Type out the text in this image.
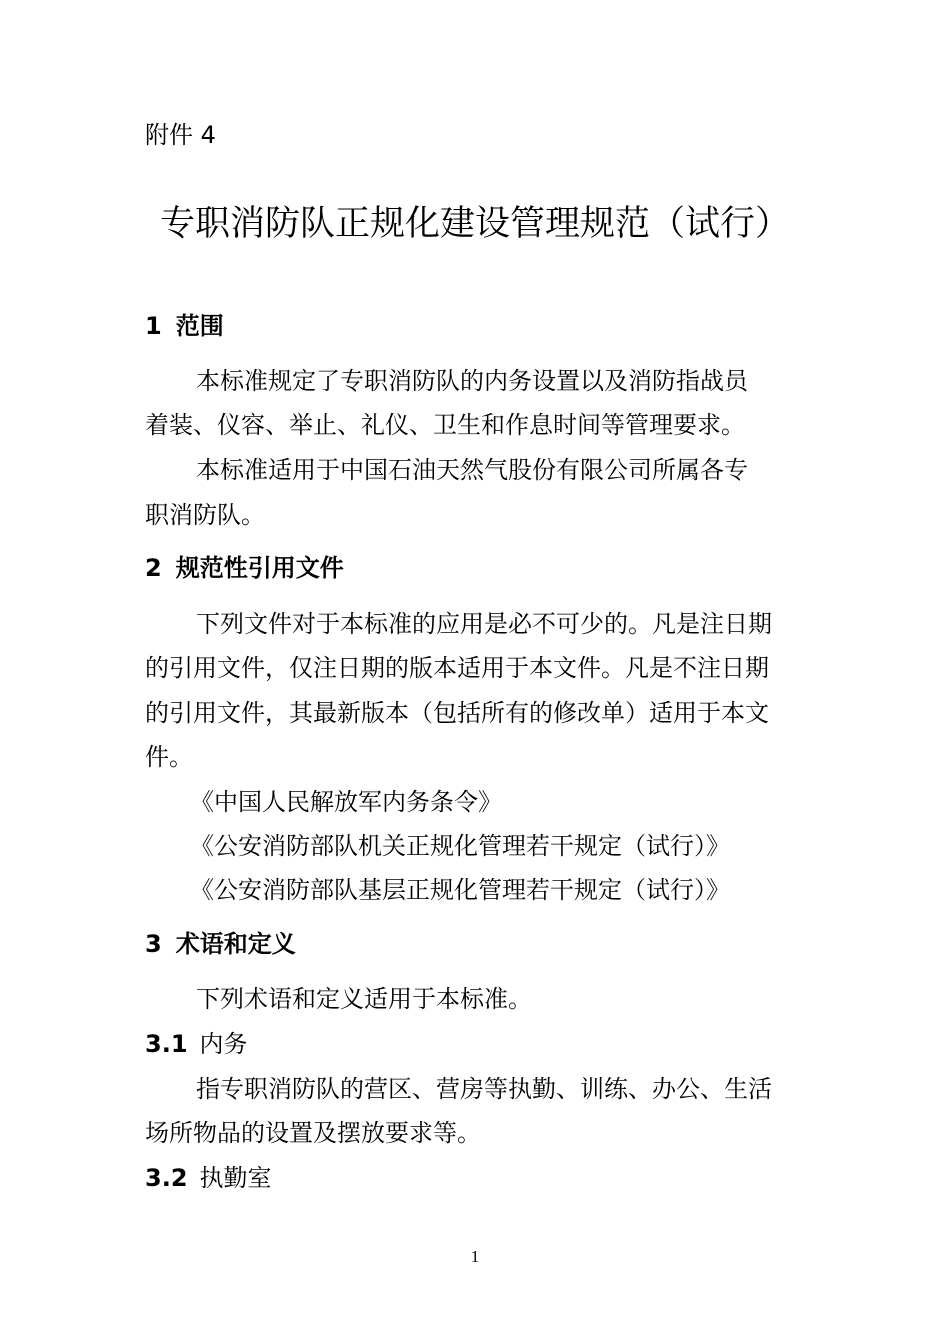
附件 4
专职消防队正规化建设管理规范（试行）
1 范围
本标准规定了专职消防队的内务设置以及消防指战员
着装、仪容、举止、礼仪、卫生和作息时间等管理要求。
本标准适用于中国石油天然气股份有限公司所属各专
职消防队。
2 规范性引用文件
下列文件对于本标准的应用是必不可少的。凡是注日期
的引用文件，仅注日期的版本适用于本文件。凡是不注日期
的引用文件，其最新版本（包括所有的修改单）适用于本文
件。
《中国人民解放军内务条令》
《公安消防部队机关正规化管理若干规定（试行）》
《公安消防部队基层正规化管理若干规定（试行）》
3 术语和定义
下列术语和定义适用于本标准。
3.1 内务
指专职消防队的营区、营房等执勤、训练、办公、生活
场所物品的设置及摆放要求等。
3.2 执勤室
1
